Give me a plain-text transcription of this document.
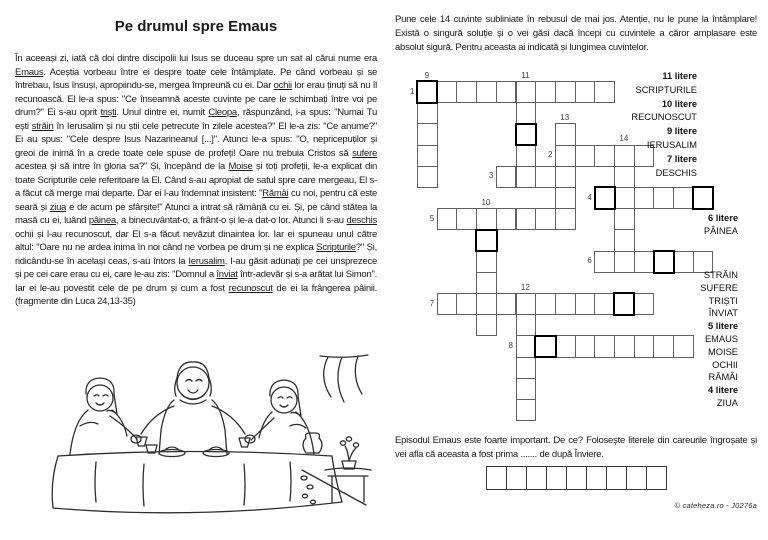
Pe drumul spre Emaus
În aceeași zi, iată că doi dintre discipolii lui Isus se duceau spre un sat al cărui nume era Emaus. Aceștia vorbeau între ei despre toate cele întâmplate. Pe când vorbeau și se întrebau, Isus însuși, apropiindu-se, mergea împreună cu ei. Dar ochii lor erau ținuți să nu îl recunoască. El le-a spus: "Ce înseamnă aceste cuvinte pe care le schimbați între voi pe drum?" Ei s-au oprit triști. Unul dintre ei, numit Cleopa, răspunzând, i-a spus: "Numai Tu ești străin în Ierusalim și nu știi cele petrecute în zilele acestea?" El le-a zis: "Ce anume?" Ei au spus: "Cele despre Isus Nazarineanul [...]". Atunci le-a spus: "O, nepricepuților și greoi de inimă în a crede toate cele spuse de profeți! Oare nu trebuia Cristos să sufere acestea și să intre în gloria sa?" Și, începând de la Moise și toți profeții, le-a explicat din toate Scripturile cele referitoare la El. Când s-au apropiat de satul spre care mergeau, El s-a făcut că merge mai departe. Dar ei l-au îndemnat insistent: "Rămâi cu noi, pentru că este seară și ziua e de acum pe sfârșite!" Atunci a intrat să rămână cu ei. Și, pe când stătea la masă cu ei, luând pâinea, a binecuvântat-o, a frânt-o și le-a dat-o lor. Atunci li s-au deschis ochii și l-au recunoscut, dar El s-a făcut nevăzut dinaintea lor. Iar ei spuneau unul către altul: "Oare nu ne ardea inima în noi când ne vorbea pe drum și ne explica Scripturile?" Și, ridicându-se în același ceas, s-au întors la Ierusalim. I-au găsit adunați pe cei unsprezece și pe cei care erau cu ei, care le-au zis: "Domnul a înviat într-adevăr și s-a arătat lui Simon". Iar ei le-au povestit cele de pe drum și cum a fost recunoscut de ei la frângerea pâinii. (fragmente din Luca 24,13-35)
Pune cele 14 cuvinte subliniate în rebusul de mai jos. Atenție, nu le pune la întâmplare! Există o singură soluție și o vei găsi dacă începi cu cuvintele a căror amplasare este absolut sigură. Pentru aceasta ai indicată și lungimea cuvintelor.
1
2
3
4
5
6
7
8
9
10
11
12
13
14
11 litere
SCRIPTURILE
10 litere
RECUNOSCUT
9 litere
IERUSALIM
7 litere
DESCHIS
6 litere
PÂINEA
STRĂIN
SUFERE
TRIȘTI
ÎNVIAT
5 litere
EMAUS
MOISE
OCHII
RĂMÂI
4 litere
ZIUA
Episodul Emaus este foarte important. De ce? Folosește literele din careurile îngroșate și vei afla că aceasta a fost prima ....... de după Înviere.
© cateheza.ro - J0276a
